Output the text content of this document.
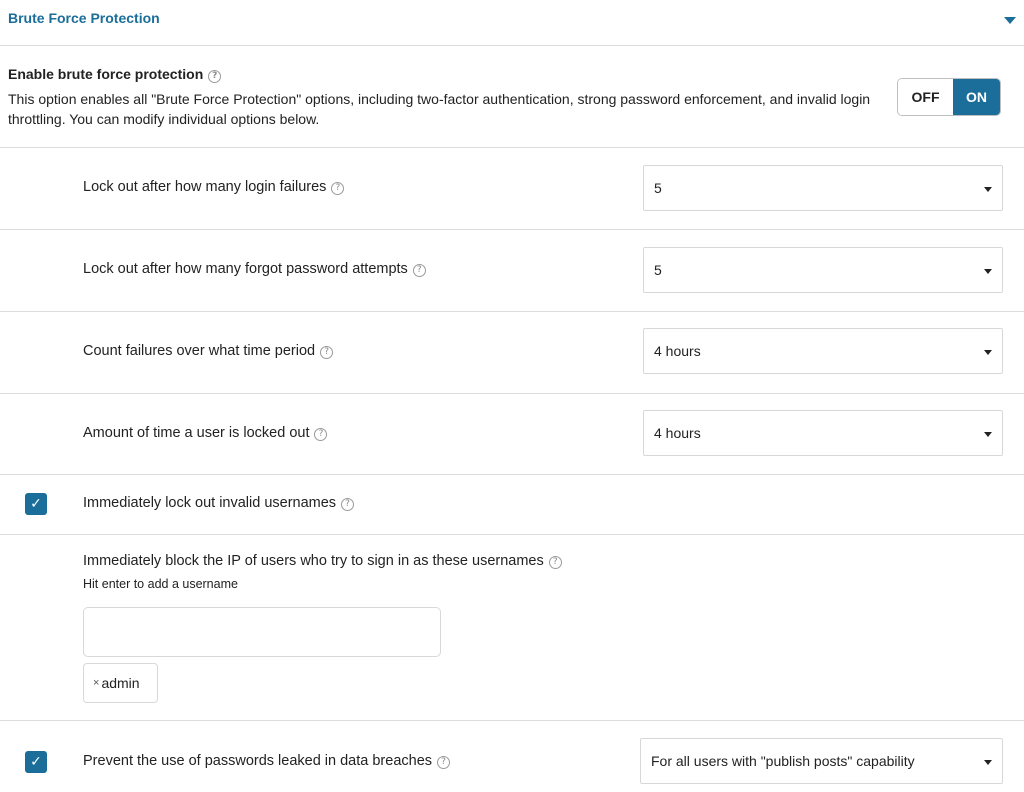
Brute Force Protection
Enable brute force protection ?
This option enables all "Brute Force Protection" options, including two-factor authentication, strong password enforcement, and invalid login throttling. You can modify individual options below.
OFF	ON
Lock out after how many login failures ?	5
Lock out after how many forgot password attempts ?	5
Count failures over what time period ?	4 hours
Amount of time a user is locked out ?	4 hours
✓	Immediately lock out invalid usernames ?
Immediately block the IP of users who try to sign in as these usernames ?
Hit enter to add a username
× admin
✓	Prevent the use of passwords leaked in data breaches ?	For all users with "publish posts" capability
